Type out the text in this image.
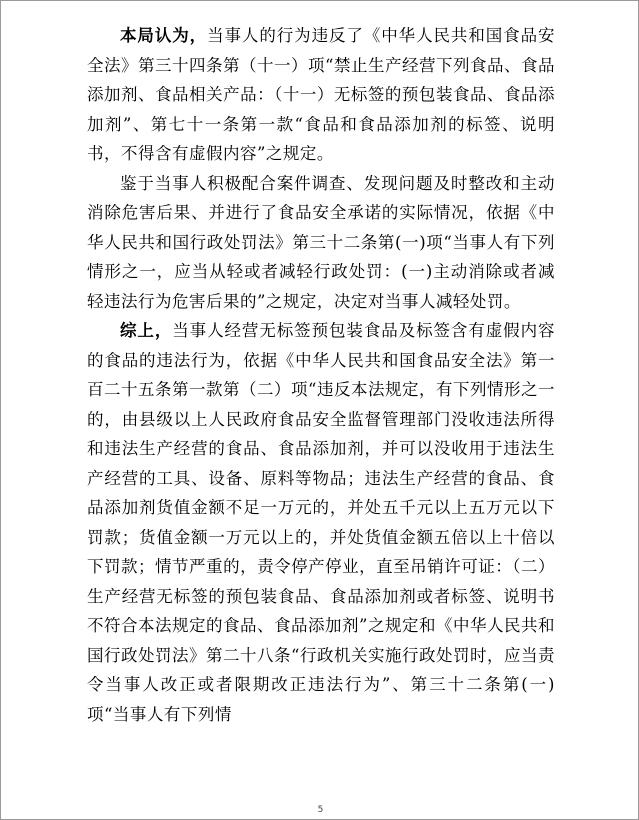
本局认为，当事人的行为违反了《中华人民共和国食品安全法》第三十四条第（十一）项“禁止生产经营下列食品、食品添加剂、食品相关产品：（十一）无标签的预包装食品、食品添加剂”、第七十一条第一款“食品和食品添加剂的标签、说明书，不得含有虚假内容”之规定。

鉴于当事人积极配合案件调查、发现问题及时整改和主动消除危害后果、并进行了食品安全承诺的实际情况，依据《中华人民共和国行政处罚法》第三十二条第(一)项“当事人有下列情形之一，应当从轻或者减轻行政处罚：(一)主动消除或者减轻违法行为危害后果的”之规定，决定对当事人减轻处罚。

综上，当事人经营无标签预包装食品及标签含有虚假内容的食品的违法行为，依据《中华人民共和国食品安全法》第一百二十五条第一款第（二）项“违反本法规定，有下列情形之一的，由县级以上人民政府食品安全监督管理部门没收违法所得和违法生产经营的食品、食品添加剂，并可以没收用于违法生产经营的工具、设备、原料等物品；违法生产经营的食品、食品添加剂货值金额不足一万元的，并处五千元以上五万元以下罚款；货值金额一万元以上的，并处货值金额五倍以上十倍以下罚款；情节严重的，责令停产停业，直至吊销许可证：（二）生产经营无标签的预包装食品、食品添加剂或者标签、说明书不符合本法规定的食品、食品添加剂”之规定和《中华人民共和国行政处罚法》第二十八条“行政机关实施行政处罚时，应当责令当事人改正或者限期改正违法行为”、第三十二条第(一)项“当事人有下列情

5
